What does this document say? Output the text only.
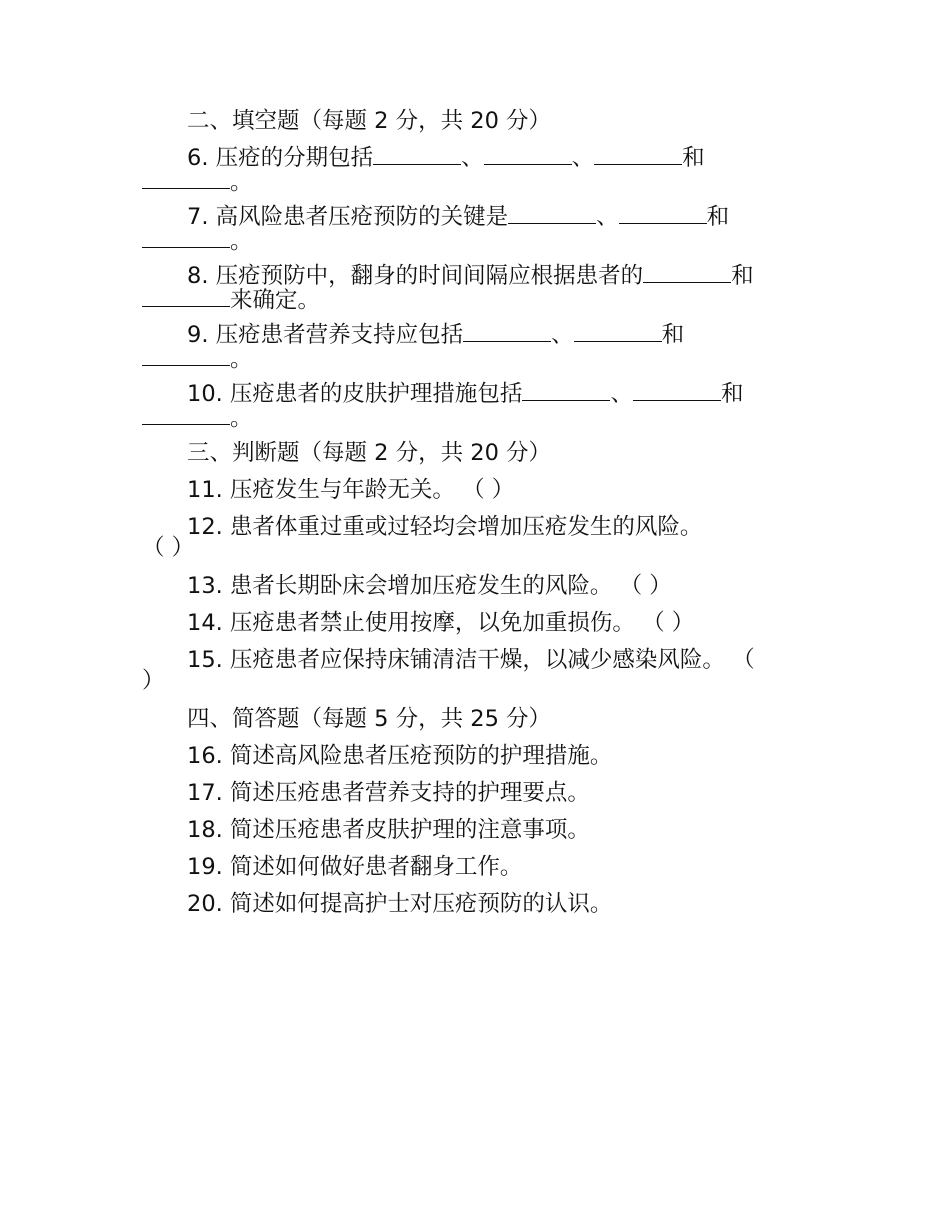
二、填空题（每题 2 分，共 20 分）
6. 压疮的分期包括	、	、	和
。
7. 高风险患者压疮预防的关键是	、	和
。
8. 压疮预防中，翻身的时间间隔应根据患者的	和
来确定。
9. 压疮患者营养支持应包括	、	和
。
10. 压疮患者的皮肤护理措施包括	、	和
。
三、判断题（每题 2 分，共 20 分）
11. 压疮发生与年龄无关。 （ ）
12. 患者体重过重或过轻均会增加压疮发生的风险。
（ ）
13. 患者长期卧床会增加压疮发生的风险。 （ ）
14. 压疮患者禁止使用按摩，以免加重损伤。 （ ）
15. 压疮患者应保持床铺清洁干燥，以减少感染风险。 （
）
四、简答题（每题 5 分，共 25 分）
16. 简述高风险患者压疮预防的护理措施。
17. 简述压疮患者营养支持的护理要点。
18. 简述压疮患者皮肤护理的注意事项。
19. 简述如何做好患者翻身工作。
20. 简述如何提高护士对压疮预防的认识。
